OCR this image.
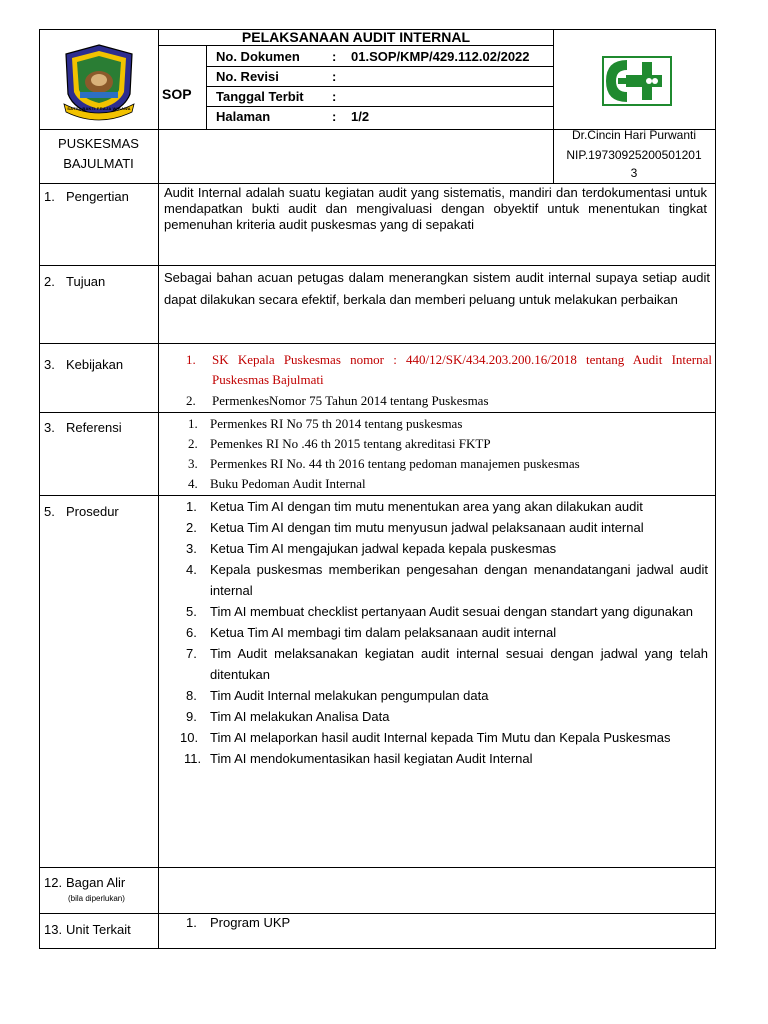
PELAKSANAAN AUDIT INTERNAL
SOP
No. Dokumen : 01.SOP/KMP/429.112.02/2022
No. Revisi	:
Tanggal Terbit :
Halaman	: 1/2
PUSKESMAS
BAJULMATI
Dr.Cincin Hari Purwanti
NIP.19730925200501201
3
SATYA BAKTI PRAJA WIBAWA
1. Pengertian
2. Tujuan
3. Kebijakan
3. Referensi
5. Prosedur
12. Bagan Alir
(bila diperlukan)
13. Unit Terkait
Audit Internal adalah suatu kegiatan audit yang sistematis, mandiri dan terdokumentasi untuk mendapatkan bukti audit dan mengivaluasi dengan obyektif untuk menentukan tingkat pemenuhan kriteria audit puskesmas yang di sepakati
Sebagai bahan acuan petugas dalam menerangkan sistem audit internal supaya setiap audit dapat dilakukan secara efektif, berkala dan memberi peluang untuk melakukan perbaikan
1. SK Kepala Puskesmas nomor : 440/12/SK/434.203.200.16/2018 tentang Audit Internal Puskesmas Bajulmati
2. PermenkesNomor 75 Tahun 2014 tentang Puskesmas
1. Permenkes RI No 75 th 2014 tentang puskesmas
2. Pemenkes RI No .46 th 2015 tentang akreditasi FKTP
3. Permenkes RI No. 44 th 2016 tentang pedoman manajemen puskesmas
4. Buku Pedoman Audit Internal
1. Ketua Tim AI dengan tim mutu menentukan area yang akan dilakukan audit
2. Ketua Tim AI dengan tim mutu menyusun jadwal pelaksanaan audit internal
3. Ketua Tim AI mengajukan jadwal kepada kepala puskesmas
4. Kepala puskesmas memberikan pengesahan dengan menandatangani jadwal audit internal
5. Tim AI membuat checklist pertanyaan Audit sesuai dengan standart yang digunakan
6. Ketua Tim AI membagi tim dalam pelaksanaan audit internal
7. Tim Audit melaksanakan kegiatan audit internal sesuai dengan jadwal yang telah ditentukan
8. Tim Audit Internal melakukan pengumpulan data
9. Tim AI melakukan Analisa Data
10. Tim AI melaporkan hasil audit Internal kepada Tim Mutu dan Kepala Puskesmas
11. Tim AI mendokumentasikan hasil kegiatan Audit Internal
1. Program UKP
